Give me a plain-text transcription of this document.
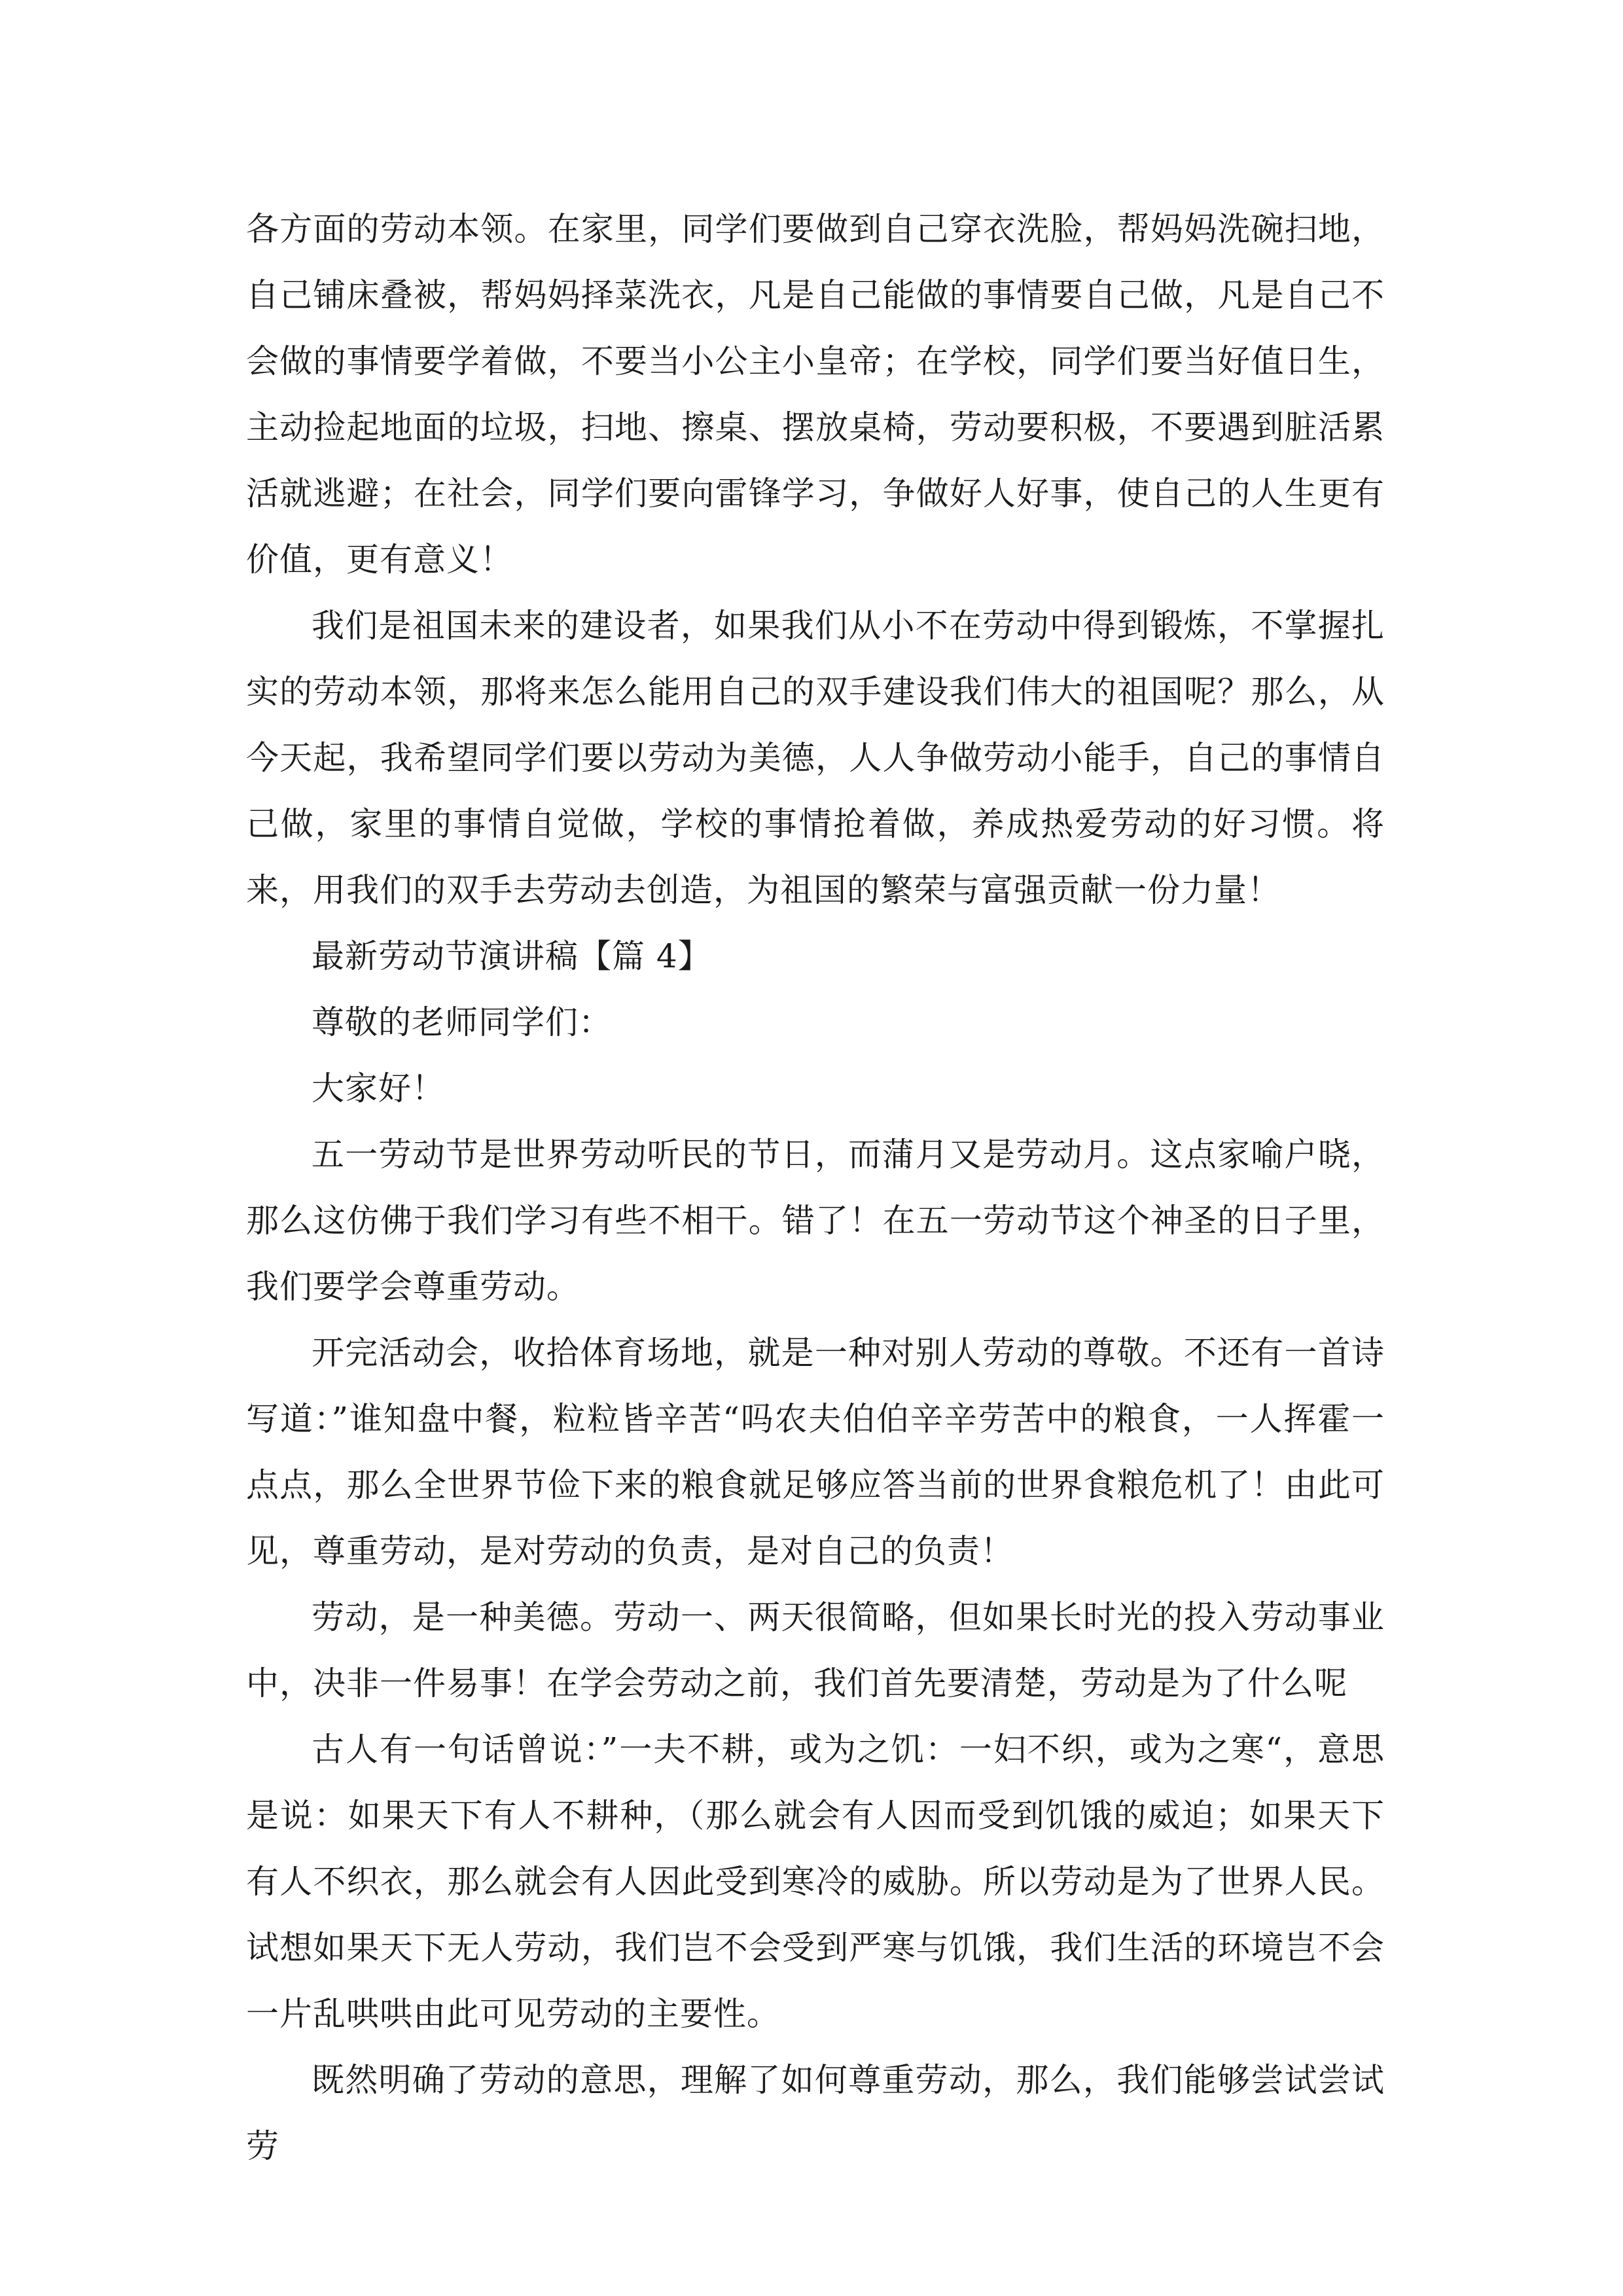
各方面的劳动本领。在家里，同学们要做到自己穿衣洗脸，帮妈妈洗碗扫地，自己铺床叠被，帮妈妈择菜洗衣，凡是自己能做的事情要自己做，凡是自己不会做的事情要学着做，不要当小公主小皇帝；在学校，同学们要当好值日生，主动捡起地面的垃圾，扫地、擦桌、摆放桌椅，劳动要积极，不要遇到脏活累活就逃避；在社会，同学们要向雷锋学习，争做好人好事，使自己的人生更有价值，更有意义！

我们是祖国未来的建设者，如果我们从小不在劳动中得到锻炼，不掌握扎实的劳动本领，那将来怎么能用自己的双手建设我们伟大的祖国呢？那么，从今天起，我希望同学们要以劳动为美德，人人争做劳动小能手，自己的事情自己做，家里的事情自觉做，学校的事情抢着做，养成热爱劳动的好习惯。将来，用我们的双手去劳动去创造，为祖国的繁荣与富强贡献一份力量！

最新劳动节演讲稿【篇 4】

尊敬的老师同学们：

大家好！

五一劳动节是世界劳动听民的节日，而蒲月又是劳动月。这点家喻户晓，那么这仿佛于我们学习有些不相干。错了！在五一劳动节这个神圣的日子里，我们要学会尊重劳动。

开完活动会，收拾体育场地，就是一种对别人劳动的尊敬。不还有一首诗写道：”谁知盘中餐，粒粒皆辛苦“吗农夫伯伯辛辛劳苦中的粮食，一人挥霍一点点，那么全世界节俭下来的粮食就足够应答当前的世界食粮危机了！由此可见，尊重劳动，是对劳动的负责，是对自己的负责！

劳动，是一种美德。劳动一、两天很简略，但如果长时光的投入劳动事业中，决非一件易事！在学会劳动之前，我们首先要清楚，劳动是为了什么呢

古人有一句话曾说：”一夫不耕，或为之饥：一妇不织，或为之寒“，意思是说：如果天下有人不耕种，（那么就会有人因而受到饥饿的威迫；如果天下有人不织衣，那么就会有人因此受到寒冷的威胁。所以劳动是为了世界人民。试想如果天下无人劳动，我们岂不会受到严寒与饥饿，我们生活的环境岂不会一片乱哄哄由此可见劳动的主要性。

既然明确了劳动的意思，理解了如何尊重劳动，那么，我们能够尝试尝试劳
